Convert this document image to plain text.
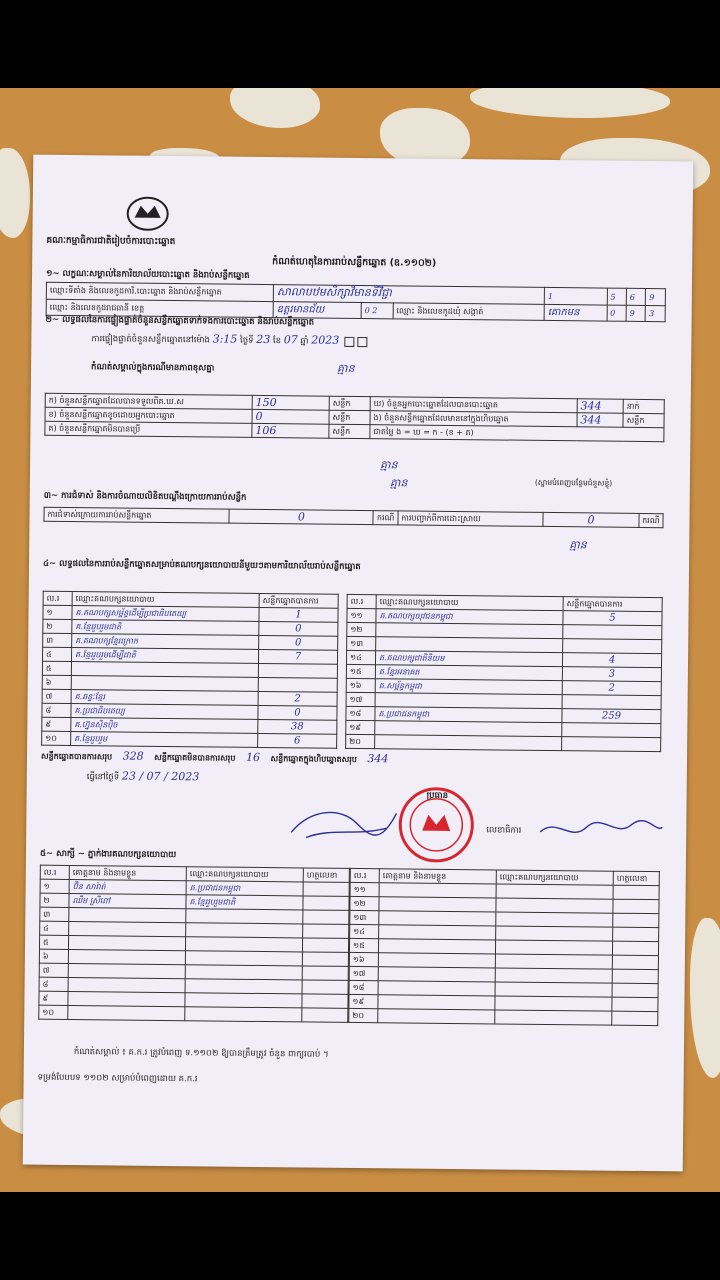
គណៈកម្មាធិការជាតិរៀបចំការបោះឆ្នោត
កំណត់ហេតុនៃការរាប់សន្លឹកឆ្នោត (ឧ.១១០២)
១~ លក្ខណៈសម្គាល់នៃការិយាល័យបោះឆ្នោត និងរាប់សន្លឹកឆ្នោត
ឈ្មោះទីតាំង និងលេខកូដការិ.បោះឆ្នោត និងរាប់សន្លឹកឆ្នោត	សាលាបឋមសិក្សាវិមានទីវិជ្ជា			1	5	6	9
ឈ្មោះ និងលេខកូដរាជធានី ខេត្ត	ឧត្តរមានជ័យ	0 2	ឈ្មោះ និងលេខកូដឃុំ សង្កាត់	គោកមន	0	9	3
២~ លទ្ធផលនៃការផ្ទៀងផ្ទាត់ចំនួនសន្លឹកឆ្នោតទាក់ទងការបោះឆ្នោត និងរាប់សន្លឹកឆ្នោត
ការផ្ទៀងផ្ទាត់ចំនួនសន្លឹកឆ្នោតនៅម៉ោង 3:15 ថ្ងៃទី 23 ខែ 07 ឆ្នាំ 2023
កំណត់សម្គាល់ក្នុងករណីមានភាពខុសគ្នា	គ្មាន
ក) ចំនួនសន្លឹកឆ្នោតដែលបានទទួលពីគ.ឃ.ស	150	សន្លឹក	ឃ) ចំនួនអ្នកបោះឆ្នោតដែលបានបោះឆ្នោត	344	នាក់
ខ) ចំនួនសន្លឹកឆ្នោតខូចដោយអ្នកបោះឆ្នោត	0	សន្លឹក	ង) ចំនួនសន្លឹកឆ្នោតដែលមាននៅក្នុងហិបឆ្នោត	344	សន្លឹក
គ) ចំនួនសន្លឹកឆ្នោតមិនបានប្រើ	106	សន្លឹក	ជាតម្លៃ ង = ឃ = ក - (ខ + គ)		
គ្មាន
គ្មាន	(ស្នាមបំពេញបន្ថែមជំនួសខ្ញុំ)
៣~ ការជំទាស់ និងការចំណាយលិខិតបណ្តឹងក្រោយការរាប់សន្លឹក
ការជំទាស់ក្រោយការរាប់សន្លឹកឆ្នោត	0	ករណី	ការបញ្ជាក់ពីការដោះស្រាយ	0	ករណី
គ្មាន
៤~ លទ្ធផលនៃការរាប់សន្លឹកឆ្នោតសម្រាប់គណបក្សនយោបាយនីមួយៗតាមការិយាល័យរាប់សន្លឹកឆ្នោត
ល.រ	ឈ្មោះគណបក្សនយោបាយ	សន្លឹកឆ្នោតបានការ
១	គ.គណបក្សសម្ព័ន្ធដើម្បីប្រជាធិបតេយ្យ	1
២	គ.ខ្មែររួបរួមជាតិ	0
៣	គ.គណបក្សខ្មែរក្រោក	0
៤	គ.ខ្មែររួបរួមដើម្បីជាតិ	7
៥		
៦		
៧	គ.ឆន្ទៈខ្មែរ	2
៨	គ.ប្រជាធិបតេយ្យ	0
៩	គ.ហ្វ៊ុនស៊ិនប៉ិច	38
១០	គ.ខ្មែររួបរួម	6
ល.រ	ឈ្មោះគណបក្សនយោបាយ	សន្លឹកឆ្នោតបានការ
១១	គ.គណបក្សយុវជនកម្ពុជា	5
១២		
១៣		
១៤	គ.គណបក្សជាតិនិយម	4
១៥	គ.ខ្មែរអនាគត	3
១៦	គ.សម្ព័ន្ធកម្ពុជា	2
១៧		
១៨	គ.ប្រជាជនកម្ពុជា	259
១៩		
២០		
សន្លឹកឆ្នោតបានការសរុប 328 សន្លឹកឆ្នោតមិនបានការសរុប 16 សន្លឹកឆ្នោតក្នុងហិបឆ្នោតសរុប 344
ធ្វើនៅថ្ងៃទី 23 / 07 / 2023
ប្រធាន
លេខាធិការ
៥~ សាក្សី ~ ភ្នាក់ងារគណបក្សនយោបាយ
ល.រ	គោត្តនាម និងនាមខ្លួន	ឈ្មោះគណបក្សនយោបាយ	ហត្ថលេខា
១	ប៊ិន សារ៉ាត់	គ.ប្រជាជនកម្ពុជា	
២	ឈឹម ស្រីពៅ	គ.ខ្មែររួបរួមជាតិ	
៣			
៤			
៥			
៦			
៧			
៨			
៩			
១០			
ល.រ	គោត្តនាម និងនាមខ្លួន	ឈ្មោះគណបក្សនយោបាយ	ហត្ថលេខា
១១			
១២			
១៣			
១៤			
១៥			
១៦			
១៧			
១៨			
១៩			
២០			
កំណត់សម្គាល់ ៖ គ.ក.រ ត្រូវបំពេញ ទ.១១០២ ឱ្យបានត្រឹមត្រូវ ចំនួន ពាក្យរបាប់ ។
ទម្រង់បែបបទ ១១០២ សម្រាប់បំពេញដោយ គ.ក.រ
